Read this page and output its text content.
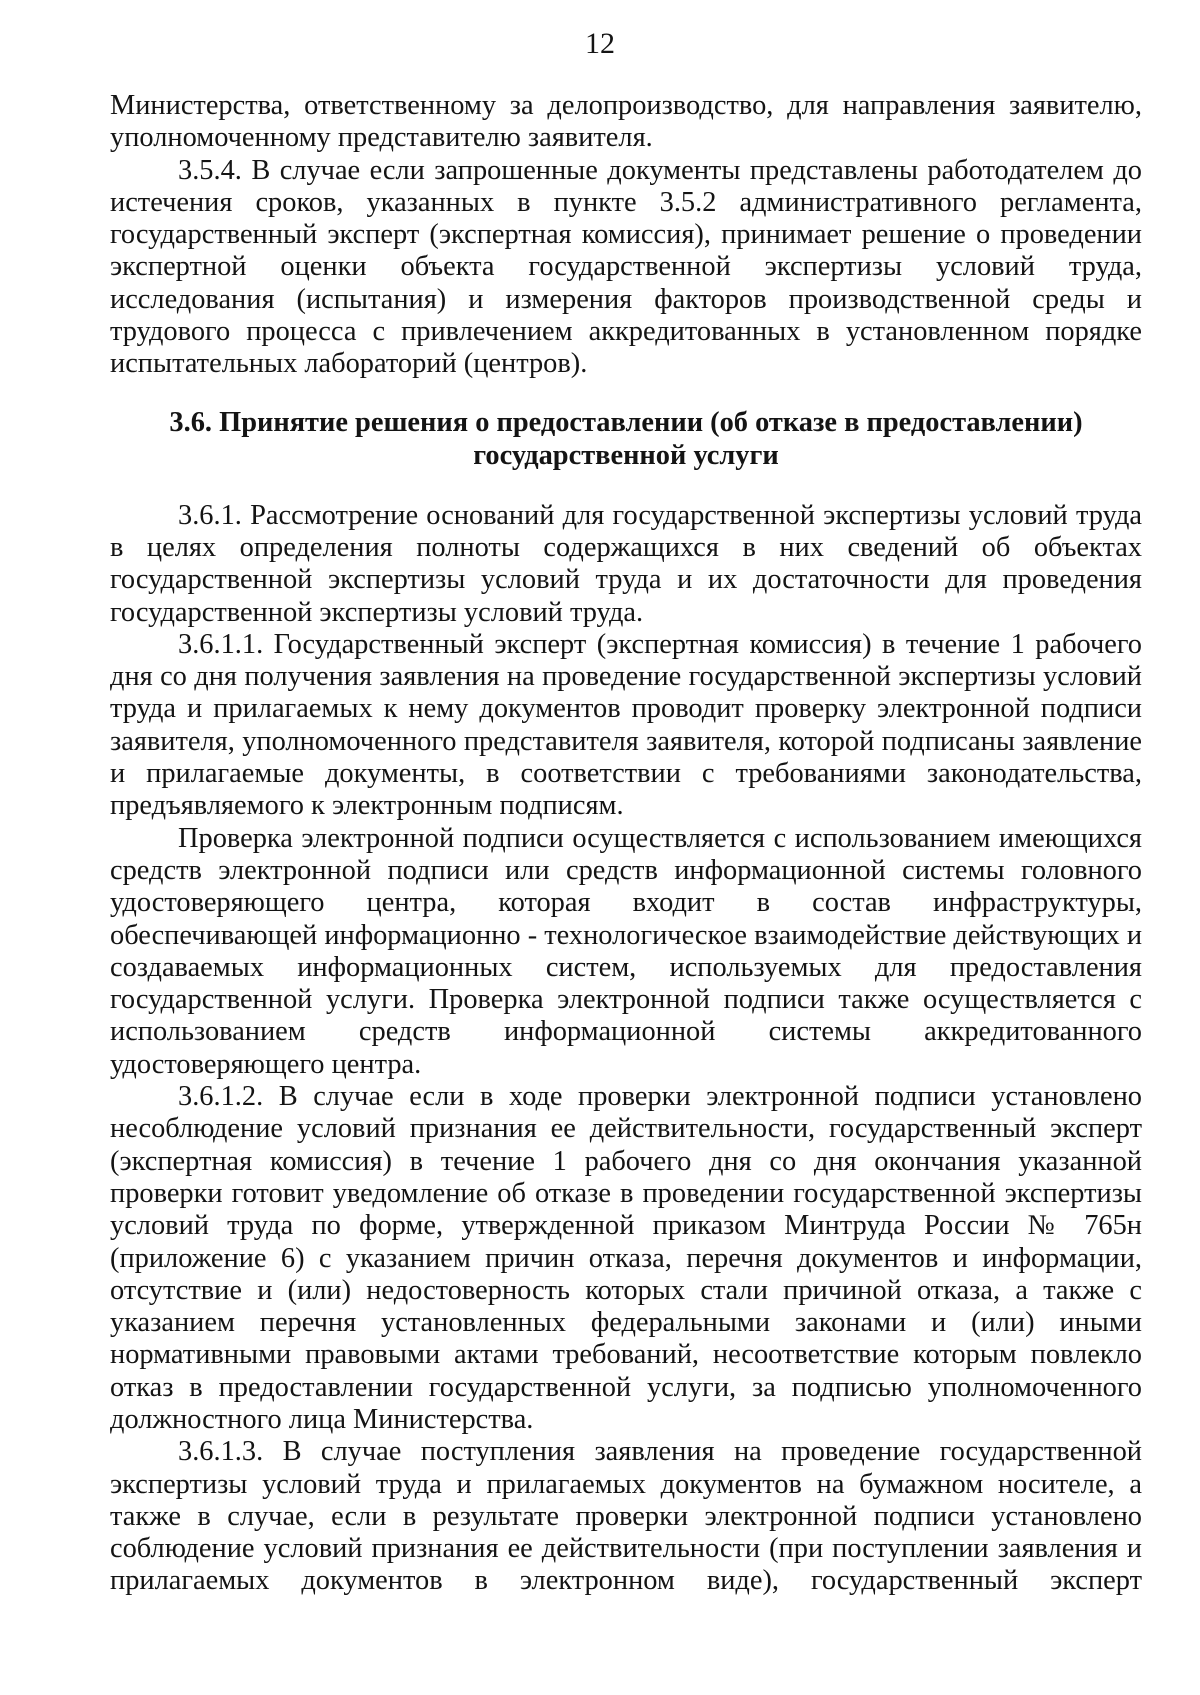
12

Министерства, ответственному за делопроизводство, для направления заявителю, уполномоченному представителю заявителя.

3.5.4. В случае если запрошенные документы представлены работодателем до истечения сроков, указанных в пункте 3.5.2 административного регламента, государственный эксперт (экспертная комиссия), принимает решение о проведении экспертной оценки объекта государственной экспертизы условий труда, исследования (испытания) и измерения факторов производственной среды и трудового процесса с привлечением аккредитованных в установленном порядке испытательных лабораторий (центров).

3.6. Принятие решения о предоставлении (об отказе в предоставлении)
государственной услуги

3.6.1. Рассмотрение оснований для государственной экспертизы условий труда в целях определения полноты содержащихся в них сведений об объектах государственной экспертизы условий труда и их достаточности для проведения государственной экспертизы условий труда.

3.6.1.1. Государственный эксперт (экспертная комиссия) в течение 1 рабочего дня со дня получения заявления на проведение государственной экспертизы условий труда и прилагаемых к нему документов проводит проверку электронной подписи заявителя, уполномоченного представителя заявителя, которой подписаны заявление и прилагаемые документы, в соответствии с требованиями законодательства, предъявляемого к электронным подписям.

Проверка электронной подписи осуществляется с использованием имеющихся средств электронной подписи или средств информационной системы головного удостоверяющего центра, которая входит в состав инфраструктуры, обеспечивающей информационно - технологическое взаимодействие действующих и создаваемых информационных систем, используемых для предоставления государственной услуги. Проверка электронной подписи также осуществляется с использованием средств информационной системы аккредитованного удостоверяющего центра.

3.6.1.2. В случае если в ходе проверки электронной подписи установлено несоблюдение условий признания ее действительности, государственный эксперт (экспертная комиссия) в течение 1 рабочего дня со дня окончания указанной проверки готовит уведомление об отказе в проведении государственной экспертизы условий труда по форме, утвержденной приказом Минтруда России № 765н (приложение 6) с указанием причин отказа, перечня документов и информации, отсутствие и (или) недостоверность которых стали причиной отказа, а также с указанием перечня установленных федеральными законами и (или) иными нормативными правовыми актами требований, несоответствие которым повлекло отказ в предоставлении государственной услуги, за подписью уполномоченного должностного лица Министерства.

3.6.1.3. В случае поступления заявления на проведение государственной экспертизы условий труда и прилагаемых документов на бумажном носителе, а также в случае, если в результате проверки электронной подписи установлено соблюдение условий признания ее действительности (при поступлении заявления и прилагаемых документов в электронном виде), государственный эксперт
